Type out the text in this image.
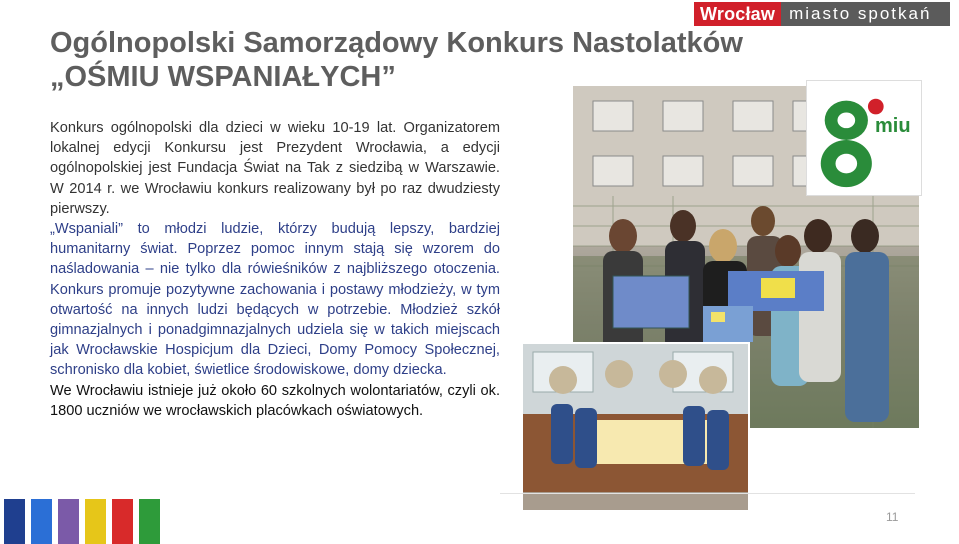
Wrocław miasto spotkań
Ogólnopolski Samorządowy Konkurs Nastolatków
„OŚMIU WSPANIAŁYCH”

Konkurs ogólnopolski dla dzieci w wieku 10-19 lat. Organizatorem lokalnej edycji Konkursu jest Prezydent Wrocławia, a edycji ogólnopolskiej jest Fundacja Świat na Tak z siedzibą w Warszawie. W 2014 r. we Wrocławiu konkurs realizowany był po raz dwudziesty pierwszy.

„Wspaniali” to młodzi ludzie, którzy budują lepszy, bardziej humanitarny świat. Poprzez pomoc innym stają się wzorem do naśladowania – nie tylko dla rówieśników z najbliższego otoczenia. Konkurs promuje pozytywne zachowania i postawy młodzieży, w tym otwartość na innych ludzi będących w potrzebie. Młodzież szkół gimnazjalnych i ponadgimnazjalnych udziela się w takich miejscach jak Wrocławskie Hospicjum dla Dzieci, Domy Pomocy Społecznej, schronisko dla kobiet, świetlice środowiskowe, domy dziecka.

We Wrocławiu istnieje już około 60 szkolnych wolontariatów, czyli ok. 1800 uczniów we wrocławskich placówkach oświatowych.

miu
11
